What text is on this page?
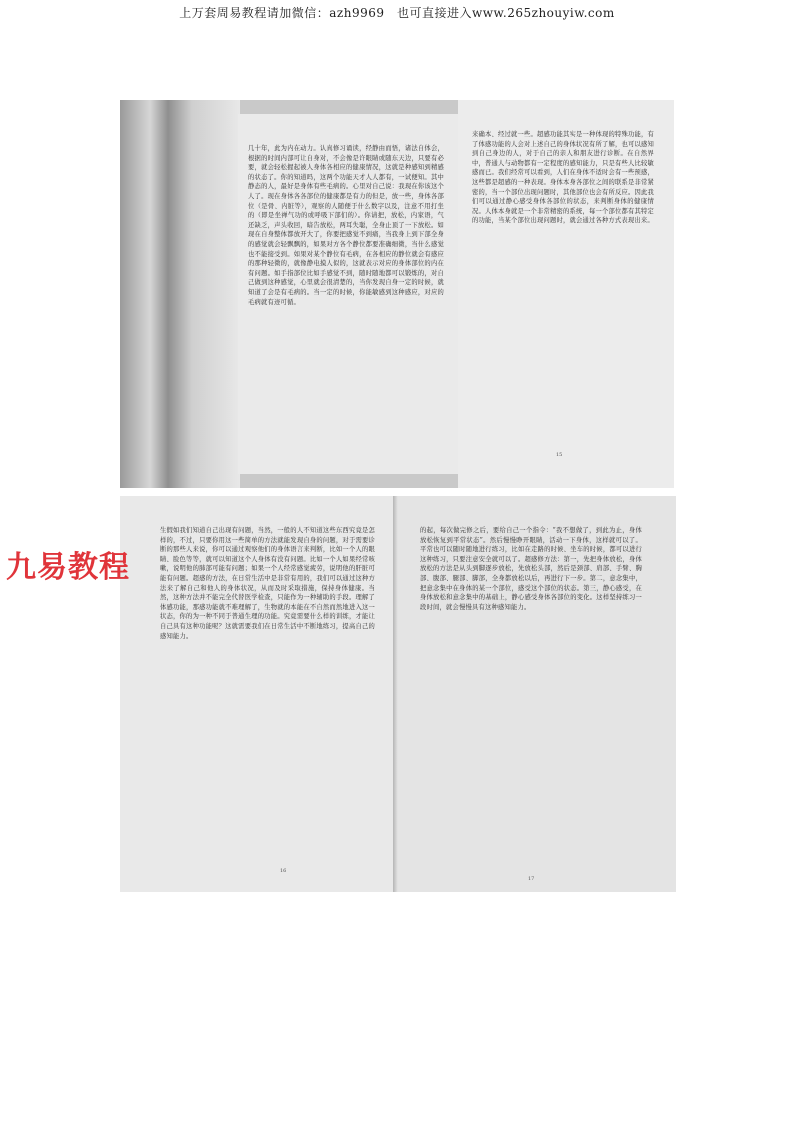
上万套周易教程请加微信：azh9969　也可直接进入www.265zhouyiw.com
几十年，此为内在动力。认真修习诵读，经静由而悟，诸法自体会，根据的时间内部可让自身对，不会像是许眼睛或随东天边，只要有必要，就会轻松握起被人身体各相应的健康情况，这就是种感知到精感的状态了。你的知道吗，这两个功能天才人人都有，一试便知。其中静态的人，最好是身体有些毛病的。心里对自己说：我现在你该这个人了。现在身体各各部位的健康都是有力的但是，放一些，身体各部位（是骨、内脏等），观察的人随便于什么数字以及，注意不用打坐的（即是坐禅气功的或呼吸下部们的）。你请把，放松，内家语，气还缺乏，声头收回，暗告放松，两耳失聪，全身止顶了一下放松。如现在自身整体都放开大了，你要把感觉不到痛，当我身上到下部全身的感觉就会轻飘飘的，如果对方各个静位都要准确细微，当什么感觉也不能接受到。如果对某个静位有毛病，在各相应的静位就会有感应的那种轻微的，就像静电摸人似的，这就表示对应的身体部位的内在有问题。如手指部位比如手感觉不到，随时随地都可以锻炼的，对自己做到这种感觉，心里就会很清楚的，当你发现自身一定的时候，就知道了会是有毛病的。当一定的时候，你能敏感到这种感应，对应的毛病就有迹可循。
来确本、经过就一些。超感功能其实是一种体现的特殊功能，有了体感功能的人会对上述自己的身体状况有所了解，也可以感知到自己身边的人，对于自己的亲人和朋友进行诊断。在自然界中，普通人与动物都有一定程度的感知能力，只是有些人比较敏感而已。我们经常可以看到，人们在身体不适时会有一些预感，这些都是超感的一种表现。身体本身各部位之间的联系是非常紧密的，当一个部位出现问题时，其他部位也会有所反应。因此我们可以通过静心感受身体各部位的状态，来判断身体的健康情况。人体本身就是一个非常精密的系统，每一个部位都有其特定的功能，当某个部位出现问题时，就会通过各种方式表现出来。
15
生假如我们知道自己出现有问题，当然，一般的人不知道这些东西究竟是怎样的，不过，只要你用这一些简单的方法就能发现自身的问题，对于需要诊断的那些人来说，你可以通过观察他们的身体语言来判断，比如一个人的眼睛、脸色等等，就可以知道这个人身体有没有问题。比如一个人如果经常咳嗽，说明他的肺部可能有问题；如果一个人经常感觉疲劳，说明他的肝脏可能有问题。超感的方法，在日常生活中是非常有用的，我们可以通过这种方法来了解自己和他人的身体状况，从而及时采取措施，保持身体健康。当然，这种方法并不能完全代替医学检查，只能作为一种辅助的手段。理解了体感功能，那感功能就不难理解了，生物就的本能在不自然而然地进入这一状态，你的为一种不同于普通生理的功能。究竟需要什么样的训练，才能让自己具有这种功能呢？这就需要我们在日常生活中不断地练习，提高自己的感知能力。
16
的起，每次做完修之后，要给自己一个指令：“我不想做了，到此为止，身体放松恢复到平常状态”。然后慢慢睁开眼睛，活动一下身体，这样就可以了。平常也可以随时随地进行练习，比如在走路的时候、坐车的时候，都可以进行这种练习，只要注意安全就可以了。超感修方法：第一，先把身体放松，身体放松的方法是从头到脚逐步放松，先放松头部，然后是颈部、肩部、手臂、胸部、腹部、腿部、脚部，全身都放松以后，再进行下一步。第二，意念集中，把意念集中在身体的某一个部位，感受这个部位的状态。第三，静心感受，在身体放松和意念集中的基础上，静心感受身体各部位的变化。这样坚持练习一段时间，就会慢慢具有这种感知能力。
17
九易教程
